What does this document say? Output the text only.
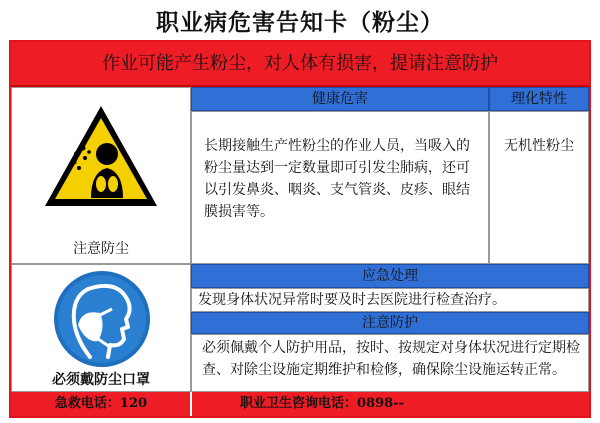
职业病危害告知卡（粉尘）
作业可能产生粉尘，对人体有损害，提请注意防护
注意防尘
健康危害	理化特性
长期接触生产性粉尘的作业人员，当吸入的粉尘量达到一定数量即可引发尘肺病，还可以引发鼻炎、咽炎、支气管炎、皮疹、眼结膜损害等。
无机性粉尘
必须戴防尘口罩
应急处理
发现身体状况异常时要及时去医院进行检查治疗。
注意防护
必须佩戴个人防护用品，按时、按规定对身体状况进行定期检查、对除尘设施定期维护和检修，确保除尘设施运转正常。
急救电话：120	职业卫生咨询电话：0898--
